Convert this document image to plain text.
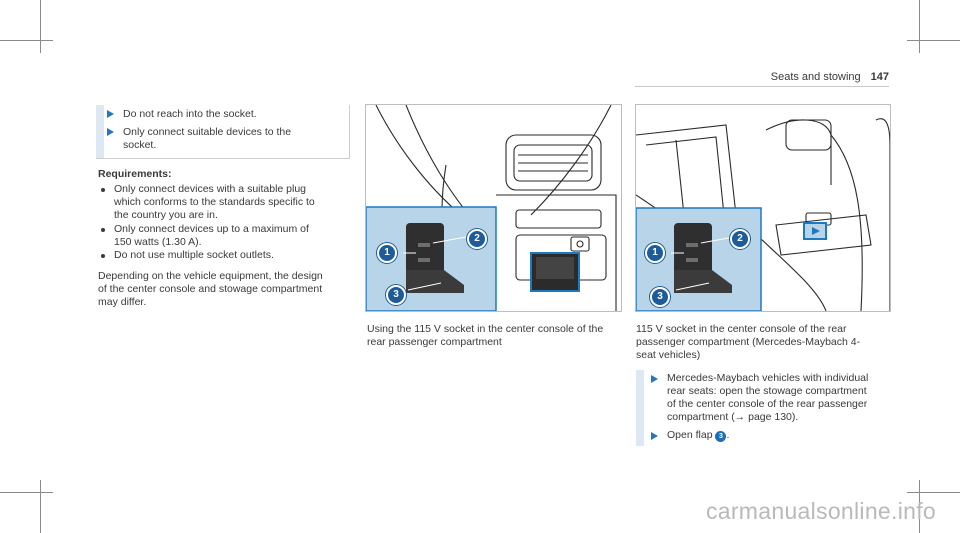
Seats and stowing 147
Do not reach into the socket.
Only connect suitable devices to the
socket.
Requirements:
Only connect devices with a suitable plug
which conforms to the standards specific to
the country you are in.
Only connect devices up to a maximum of
150 watts (1.30 A).
Do not use multiple socket outlets.
Depending on the vehicle equipment, the design
of the center console and stowage compartment
may differ.
1
2
3
Using the 115 V socket in the center console of the
rear passenger compartment
1
2
3
115 V socket in the center console of the rear
passenger compartment (Mercedes-Maybach 4-
seat vehicles)
Mercedes-Maybach vehicles with individual
rear seats: open the stowage compartment
of the center console of the rear passenger
compartment (→ page 130).
Open flap 3 .
carmanualsonline.info
